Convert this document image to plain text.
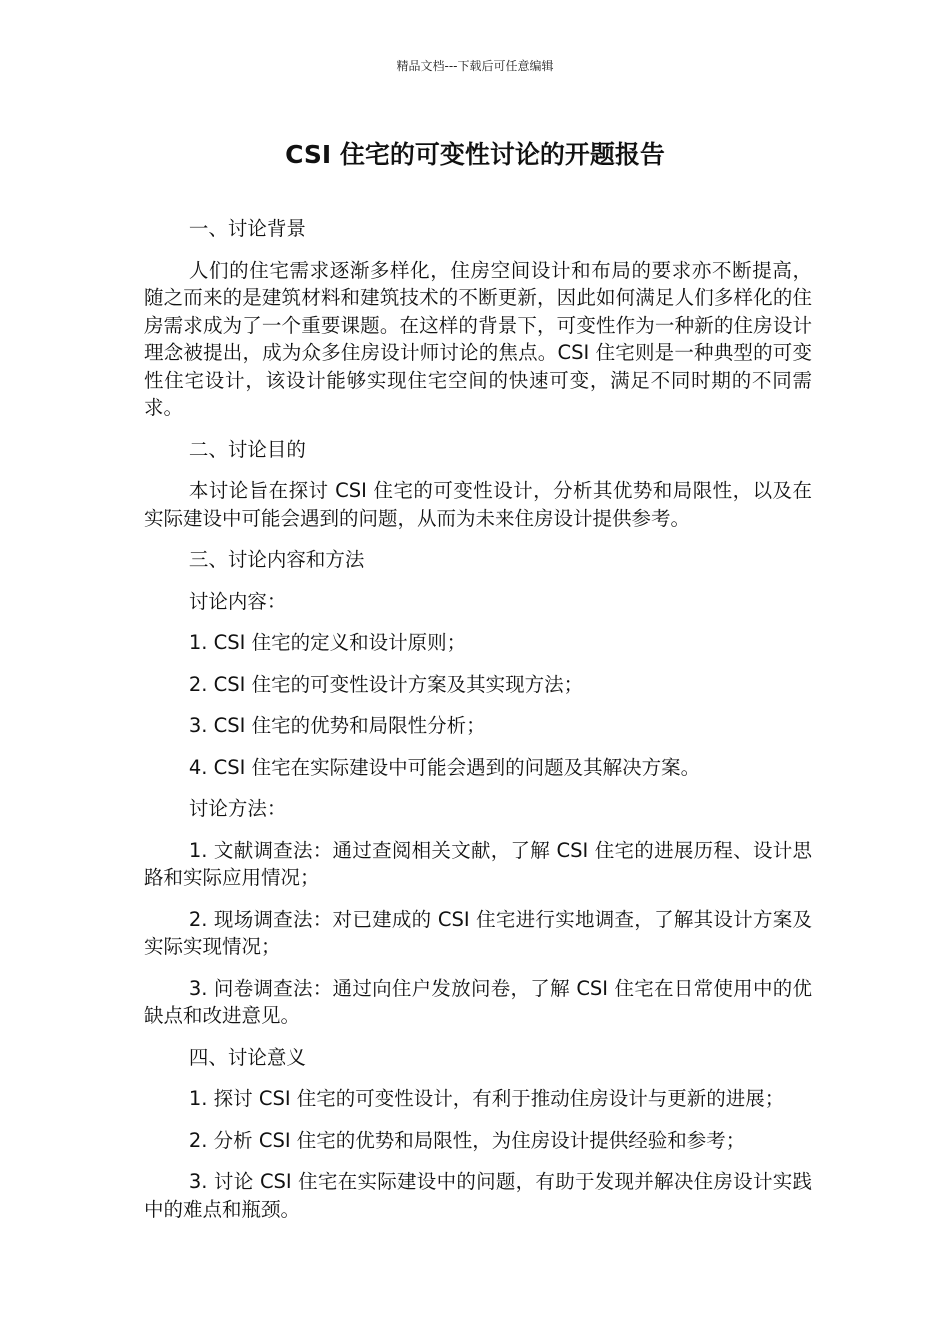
精品文档---下载后可任意编辑
CSI 住宅的可变性讨论的开题报告

一、讨论背景

人们的住宅需求逐渐多样化，住房空间设计和布局的要求亦不断提高，随之而来的是建筑材料和建筑技术的不断更新，因此如何满足人们多样化的住房需求成为了一个重要课题。在这样的背景下，可变性作为一种新的住房设计理念被提出，成为众多住房设计师讨论的焦点。CSI 住宅则是一种典型的可变性住宅设计，该设计能够实现住宅空间的快速可变，满足不同时期的不同需求。

二、讨论目的

本讨论旨在探讨 CSI 住宅的可变性设计，分析其优势和局限性，以及在实际建设中可能会遇到的问题，从而为未来住房设计提供参考。

三、讨论内容和方法

讨论内容：

1. CSI 住宅的定义和设计原则；

2. CSI 住宅的可变性设计方案及其实现方法；

3. CSI 住宅的优势和局限性分析；

4. CSI 住宅在实际建设中可能会遇到的问题及其解决方案。

讨论方法：

1. 文献调查法：通过查阅相关文献，了解 CSI 住宅的进展历程、设计思路和实际应用情况；

2. 现场调查法：对已建成的 CSI 住宅进行实地调查，了解其设计方案及实际实现情况；

3. 问卷调查法：通过向住户发放问卷，了解 CSI 住宅在日常使用中的优缺点和改进意见。

四、讨论意义

1. 探讨 CSI 住宅的可变性设计，有利于推动住房设计与更新的进展；

2. 分析 CSI 住宅的优势和局限性，为住房设计提供经验和参考；

3. 讨论 CSI 住宅在实际建设中的问题，有助于发现并解决住房设计实践中的难点和瓶颈。
